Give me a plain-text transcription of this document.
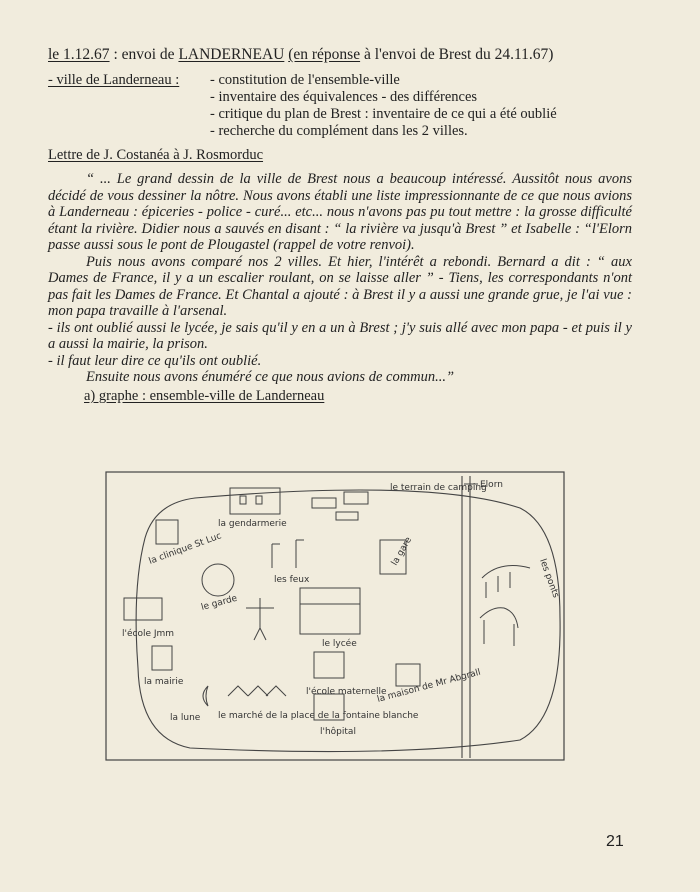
le 1.12.67 : envoi de LANDERNEAU (en réponse à l'envoi de Brest du 24.11.67)
- ville de Landerneau : - constitution de l'ensemble-ville
- inventaire des équivalences - des différences
- critique du plan de Brest : inventaire de ce qui a été oublié
- recherche du complément dans les 2 villes.
Lettre de J. Costanéa à J. Rosmorduc

“ ... Le grand dessin de la ville de Brest nous a beaucoup intéressé. Aussitôt nous avons décidé de vous dessiner la nôtre. Nous avons établi une liste impressionnante de ce que nous avions à Landerneau : épiceries - police - curé... etc... nous n'avons pas pu tout mettre : la grosse difficulté étant la rivière. Didier nous a sauvés en disant : “ la rivière va jusqu'à Brest ” et Isabelle : “l'Elorn passe aussi sous le pont de Plougastel (rappel de votre renvoi).

Puis nous avons comparé nos 2 villes. Et hier, l'intérêt a rebondi. Bernard a dit : “ aux Dames de France, il y a un escalier roulant, on se laisse aller ” - Tiens, les correspondants n'ont pas fait les Dames de France. Et Chantal a ajouté : à Brest il y a aussi une grande grue, je l'ai vue : mon papa travaille à l'arsenal.

- ils ont oublié aussi le lycée, je sais qu'il y en a un à Brest ; j'y suis allé avec mon papa - et puis il y a aussi la mairie, la prison.

- il faut leur dire ce qu'ils ont oublié.

Ensuite nous avons énuméré ce que nous avions de commun...”

a) graphe : ensemble-ville de Landerneau
Elorn
les ponts
la gendarmerie
le terrain de camping
la clinique St Luc
les feux
la gare
le garde
l'école Jmm
le lycée
la mairie
la lune le marché de la place de la fontaine blanche
l'école maternelle
l'hôpital
la maison de Mr Abgrall
21
